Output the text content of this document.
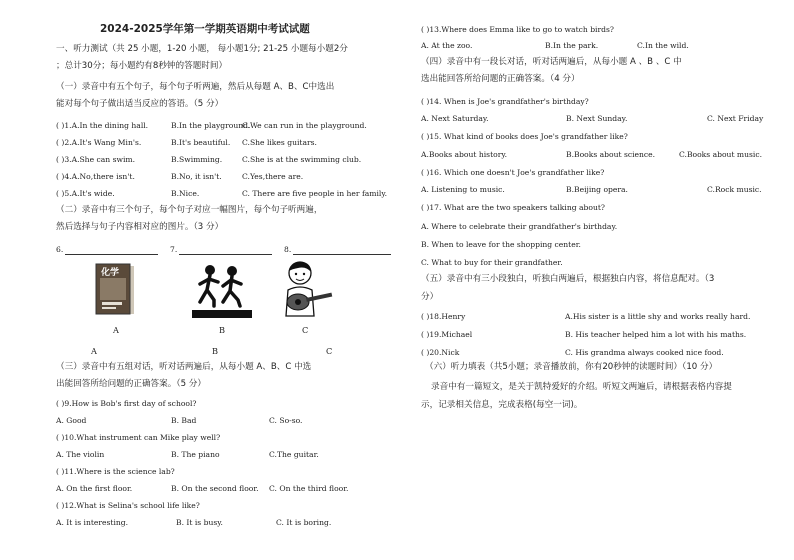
2024-2025学年第一学期英语期中考试试题
一、听力测试（共 25 小题，1-20 小题， 每小题1分; 21-25 小题每小题2分
；总计30分；每小题约有8秒钟的答题时间）
（一）录音中有五个句子，每个句子听两遍，然后从每题 A、B、C中选出
能对每个句子做出适当反应的答语。（5 分）
( )1.A.In the dining hall.	B.In the playground.
C.We can run in the playground.
( )2.A.It's Wang Min's.	B.It's beautiful. C.She likes guitars.
( )3.A.She can swim.	B.Swimming.	C.She is at the swimming club.
( )4.A.No,there isn't.	B.No, it isn't.	C.Yes,there are.
( )5.A.It's wide.	B.Nice.	C. There are five people in her family.
（二）录音中有三个句子，每个句子对应一幅图片，每个句子听两遍，
然后选择与句子内容相对应的图片。（3 分）
6.	7.	8.
化学
A	B	C
A	B	C
（三）录音中有五组对话，听对话两遍后，从每小题 A、B、C 中选
出能回答所给问题的正确答案。（5 分）
( )9.How is Bob's first day of school?
A. Good	B. Bad	C. So-so.
( )10.What instrument can Mike play well?
A. The violin	B. The piano	C.The guitar.
( )11.Where is the science lab?
A. On the first floor.	B. On the second floor. C. On the third floor.
( )12.What is Selina's school life like?
A. It is interesting.	B. It is busy.	C. It is boring.
( )13.Where does Emma like to go to watch birds?
A. At the zoo.	B.In the park.	C.In the wild.
（四）录音中有一段长对话，听对话两遍后，从每小题 A 、B 、C 中
选出能回答所给问题的正确答案。（4 分）
( )14. When is Joe's grandfather's birthday?
A. Next Saturday.	B. Next Sunday.	C. Next Friday
( )15. What kind of books does Joe's grandfather like?
A.Books about history.	B.Books about science.	C.Books about music.
( )16. Which one doesn't Joe's grandfather like?
A. Listening to music.	B.Beijing opera.	C.Rock music.
( )17. What are the two speakers talking about?
A. Where to celebrate their grandfather's birthday.
B. When to leave for the shopping center.
C. What to buy for their grandfather.
（五）录音中有三小段独白，听独白两遍后，根据独白内容，将信息配对。（3
分）
( )18.Henry	A.His sister is a little shy and works really hard.
( )19.Michael	B. His teacher helped him a lot with his maths.
( )20.Nick	C. His grandma always cooked nice food.
（六）听力填表（共5小题；录音播放前，你有20秒钟的读题时间）（10 分）
录音中有一篇短文，是关于凯特爱好的介绍。听短文两遍后，请根据表格内容提
示，记录相关信息，完成表格(每空一词)。
